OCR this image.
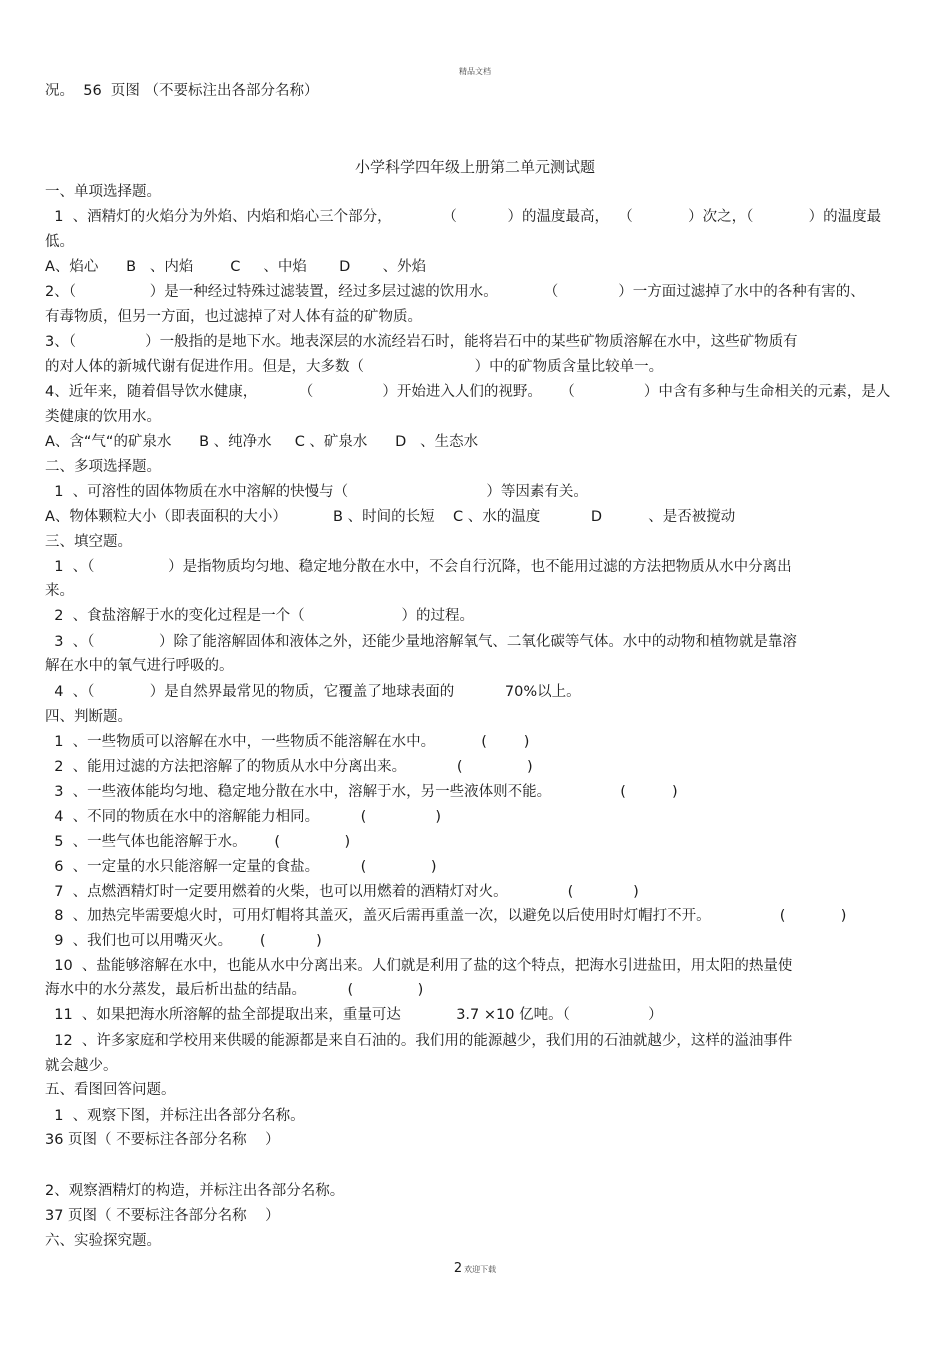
精品文档
况。  56  页图 （不要标注出各部分名称）
小学科学四年级上册第二单元测试题
一、单项选择题。
1  、酒精灯的火焰分为外焰、内焰和焰心三个部分，           （           ）的温度最高，  （            ）次之，（            ）的温度最
低。
A、焰心      B   、内焰        C     、中焰       D       、外焰
2、（                ）是一种经过特殊过滤装置，经过多层过滤的饮用水。          （             ）一方面过滤掉了水中的各种有害的、
有毒物质，但另一方面，也过滤掉了对人体有益的矿物质。
3、（               ）一般指的是地下水。地表深层的水流经岩石时，能将岩石中的某些矿物质溶解在水中，这些矿物质有
的对人体的新城代谢有促进作用。但是，大多数（                        ）中的矿物质含量比较单一。
4、近年来，随着倡导饮水健康，         （               ）开始进入人们的视野。    （               ）中含有多种与生命相关的元素，是人
类健康的饮用水。
A、含“气“的矿泉水      B 、纯净水     C 、矿泉水      D   、生态水
二、多项选择题。
1  、可溶性的固体物质在水中溶解的快慢与（                              ）等因素有关。
A、物体颗粒大小（即表面积的大小）          B 、时间的长短    C 、水的温度           D          、是否被搅动
三、填空题。
1  、（                ）是指物质均匀地、稳定地分散在水中，不会自行沉降，也不能用过滤的方法把物质从水中分离出
来。
2  、食盐溶解于水的变化过程是一个（                     ）的过程。
3  、（              ）除了能溶解固体和液体之外，还能少量地溶解氧气、二氧化碳等气体。水中的动物和植物就是靠溶
解在水中的氧气进行呼吸的。
4  、（            ）是自然界最常见的物质，它覆盖了地球表面的           70%以上。
四、判断题。
1  、一些物质可以溶解在水中，一些物质不能溶解在水中。          (        )
2  、能用过滤的方法把溶解了的物质从水中分离出来。           (              )
3  、一些液体能均匀地、稳定地分散在水中，溶解于水，另一些液体则不能。               (          )
4  、不同的物质在水中的溶解能力相同。         (               )
5  、一些气体也能溶解于水。      (              )
6  、一定量的水只能溶解一定量的食盐。         (              )
7  、点燃酒精灯时一定要用燃着的火柴，也可以用燃着的酒精灯对火。             (             )
8  、加热完毕需要熄火时，可用灯帽将其盖灭，盖灭后需再重盖一次，以避免以后使用时灯帽打不开。               (            )
9  、我们也可以用嘴灭火。      (           )
10  、盐能够溶解在水中，也能从水中分离出来。人们就是利用了盐的这个特点，把海水引进盐田，用太阳的热量使
海水中的水分蒸发，最后析出盐的结晶。         (              )
11  、如果把海水所溶解的盐全部提取出来，重量可达            3.7 ×10 亿吨。（                 ）
12  、许多家庭和学校用来供暖的能源都是来自石油的。我们用的能源越少，我们用的石油就越少，这样的溢油事件
就会越少。
五、看图回答问题。
1  、观察下图，并标注出各部分名称。
36 页图（ 不要标注各部分名称    ）
2、观察酒精灯的构造，并标注出各部分名称。
37 页图（ 不要标注各部分名称    ）
六、实验探究题。
2 欢迎下载
